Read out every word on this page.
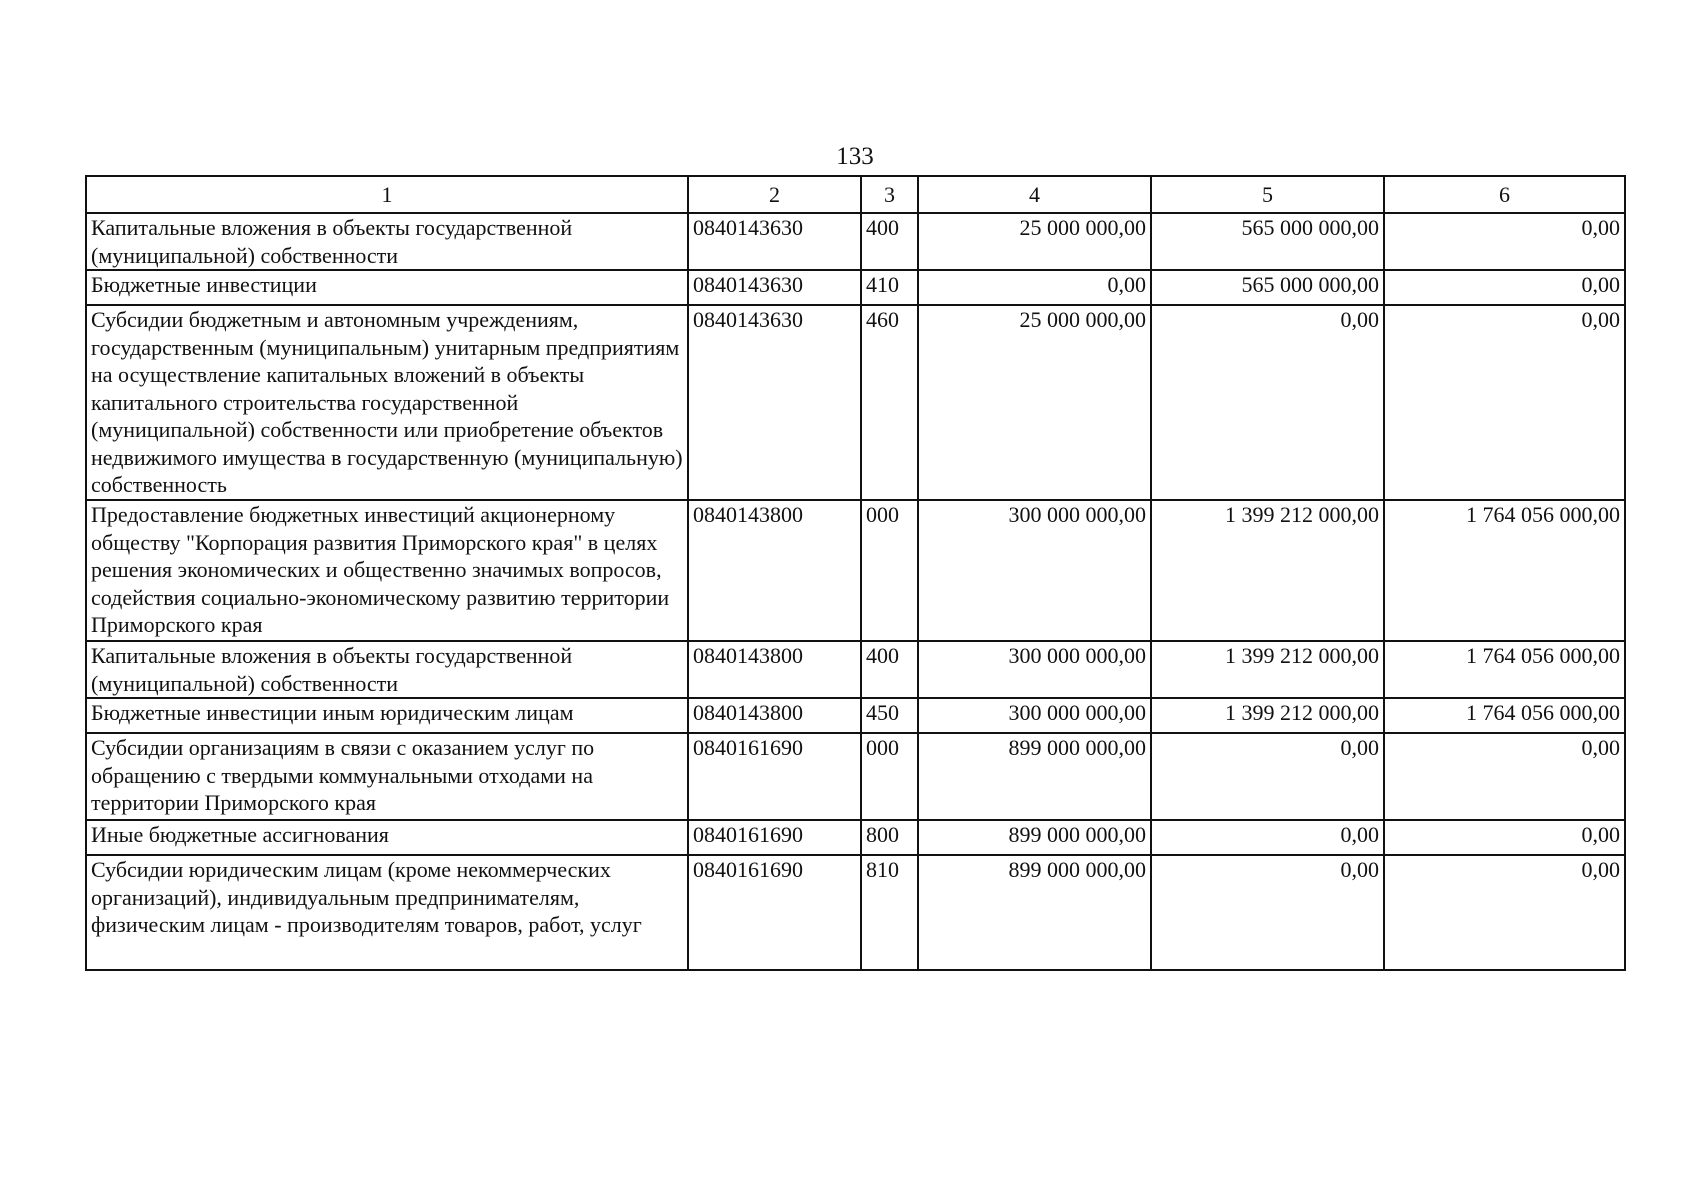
133
1	2	3	4	5	6
Капитальные вложения в объекты государственной (муниципальной) собственности	0840143630	400	25 000 000,00	565 000 000,00	0,00
Бюджетные инвестиции	0840143630	410	0,00	565 000 000,00	0,00
Субсидии бюджетным и автономным учреждениям, государственным (муниципальным) унитарным предприятиям на осуществление капитальных вложений в объекты капитального строительства государственной (муниципальной) собственности или приобретение объектов недвижимого имущества в государственную (муниципальную) собственность	0840143630	460	25 000 000,00	0,00	0,00
Предоставление бюджетных инвестиций акционерному обществу "Корпорация развития Приморского края" в целях решения экономических и общественно значимых вопросов, содействия социально-экономическому развитию территории Приморского края	0840143800	000	300 000 000,00	1 399 212 000,00	1 764 056 000,00
Капитальные вложения в объекты государственной (муниципальной) собственности	0840143800	400	300 000 000,00	1 399 212 000,00	1 764 056 000,00
Бюджетные инвестиции иным юридическим лицам	0840143800	450	300 000 000,00	1 399 212 000,00	1 764 056 000,00
Субсидии организациям в связи с оказанием услуг по обращению с твердыми коммунальными отходами на территории Приморского края	0840161690	000	899 000 000,00	0,00	0,00
Иные бюджетные ассигнования	0840161690	800	899 000 000,00	0,00	0,00
Субсидии юридическим лицам (кроме некоммерческих организаций), индивидуальным предпринимателям, физическим лицам - производителям товаров, работ, услуг	0840161690	810	899 000 000,00	0,00	0,00
